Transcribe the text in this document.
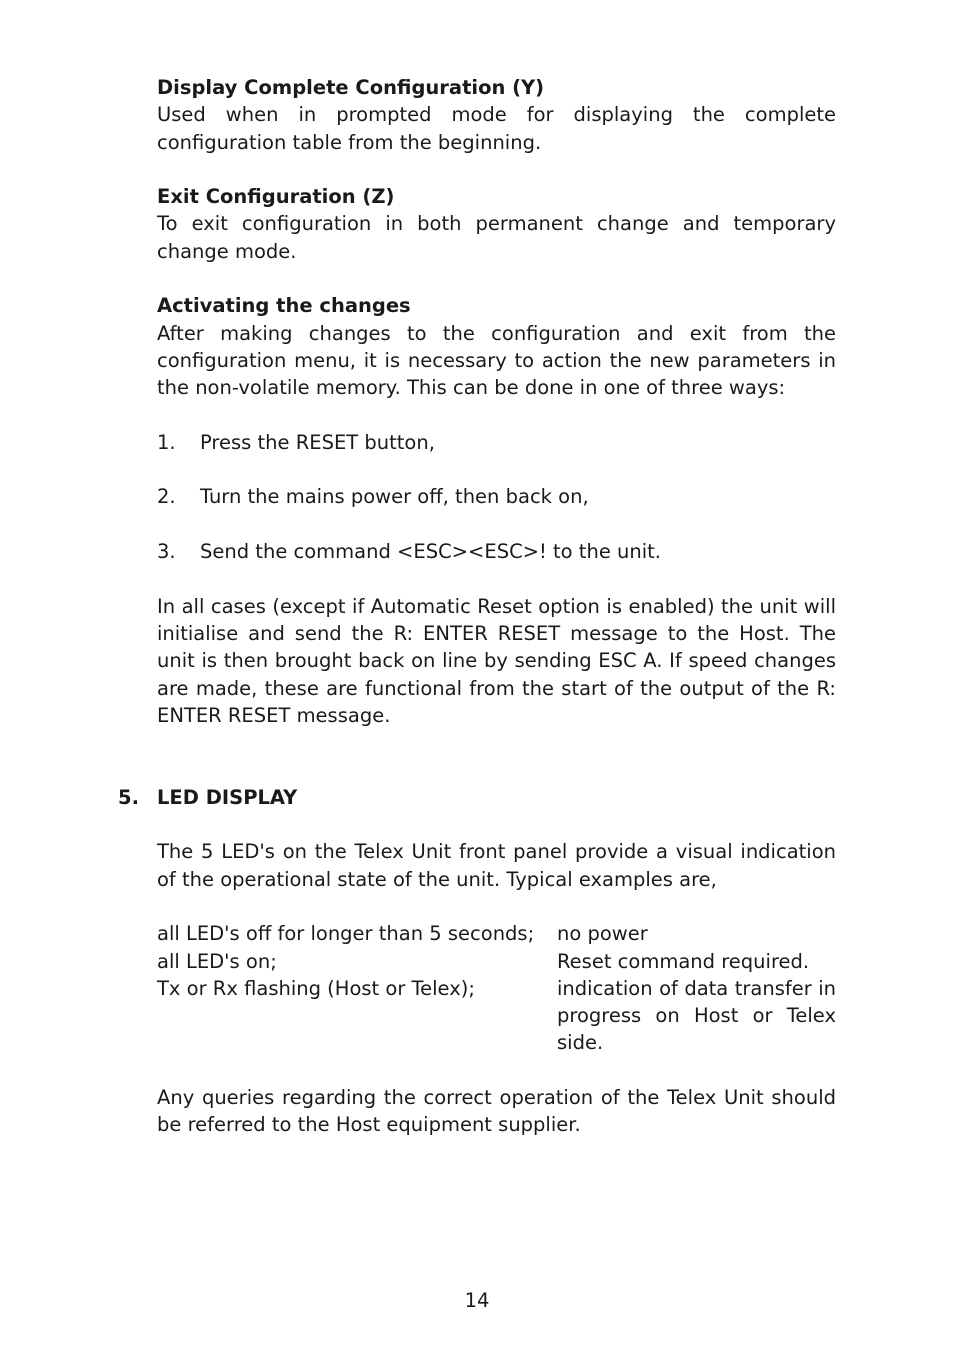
Display Complete Configuration (Y)

Used when in prompted mode for displaying the complete configuration table from the beginning.

Exit Configuration (Z)

To exit configuration in both permanent change and temporary change mode.

Activating the changes

After making changes to the configuration and exit from the configuration menu, it is necessary to action the new parameters in the non-volatile memory. This can be done in one of three ways:

1.	Press the RESET button,
2.	Turn the mains power off, then back on,
3.	Send the command <ESC><ESC>! to the unit.

In all cases (except if Automatic Reset option is enabled) the unit will initialise and send the R: ENTER RESET message to the Host. The unit is then brought back on line by sending ESC A. If speed changes are made, these are functional from the start of the output of the R: ENTER RESET message.

5. LED DISPLAY

The 5 LED's on the Telex Unit front panel provide a visual indication of the operational state of the unit. Typical examples are,

all LED's off for longer than 5 seconds;	no power
all LED's on;	Reset command required.
Tx or Rx flashing (Host or Telex);	indication of data transfer in progress on Host or Telex side.

Any queries regarding the correct operation of the Telex Unit should be referred to the Host equipment supplier.

14
